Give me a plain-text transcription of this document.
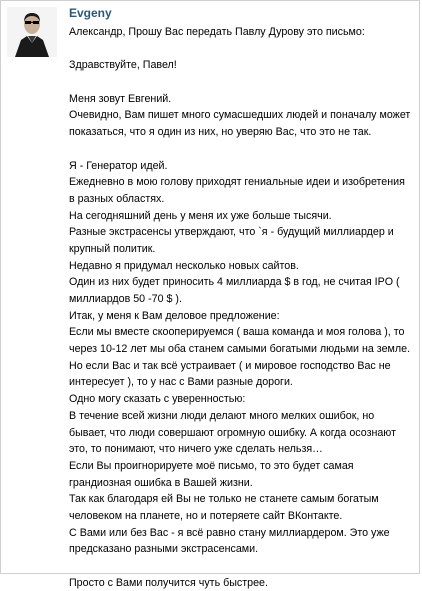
Evgeny
Александр, Прошу Вас передать Павлу Дурову это письмо:
Здравствуйте, Павел!
Меня зовут Евгений.
Очевидно, Вам пишет много сумасшедших людей и поначалу может
показаться, что я один из них, но уверяю Вас, что это не так.
Я - Генератор идей.
Ежедневно в мою голову приходят гениальные идеи и изобретения
в разных областях.
На сегодняшний день у меня их уже больше тысячи.
Разные экстрасенсы утверждают, что `я - будущий миллиардер и
крупный политик.
Недавно я придумал несколько новых сайтов.
Один из них будет приносить 4 миллиарда $ в год, не считая IPO (
миллиардов 50 -70 $ ).
Итак, у меня к Вам деловое предложение:
Если мы вместе скооперируемся ( ваша команда и моя голова ), то
через 10-12 лет мы оба станем самыми богатыми людьми на земле.
Но если Вас и так всё устраивает ( и мировое господство Вас не
интересует ), то у нас с Вами разные дороги.
Одно могу сказать с уверенностью:
В течение всей жизни люди делают много мелких ошибок, но
бывает, что люди совершают огромную ошибку. А когда осознают
это, то понимают, что ничего уже сделать нельзя…
Если Вы проигнорируете моё письмо, то это будет самая
грандиозная ошибка в Вашей жизни.
Так как благодаря ей Вы не только не станете самым богатым
человеком на планете, но и потеряете сайт ВКонтакте.
С Вами или без Вас - я всё равно стану миллиардером. Это уже
предсказано разными экстрасенсами.
Просто с Вами получится чуть быстрее.
